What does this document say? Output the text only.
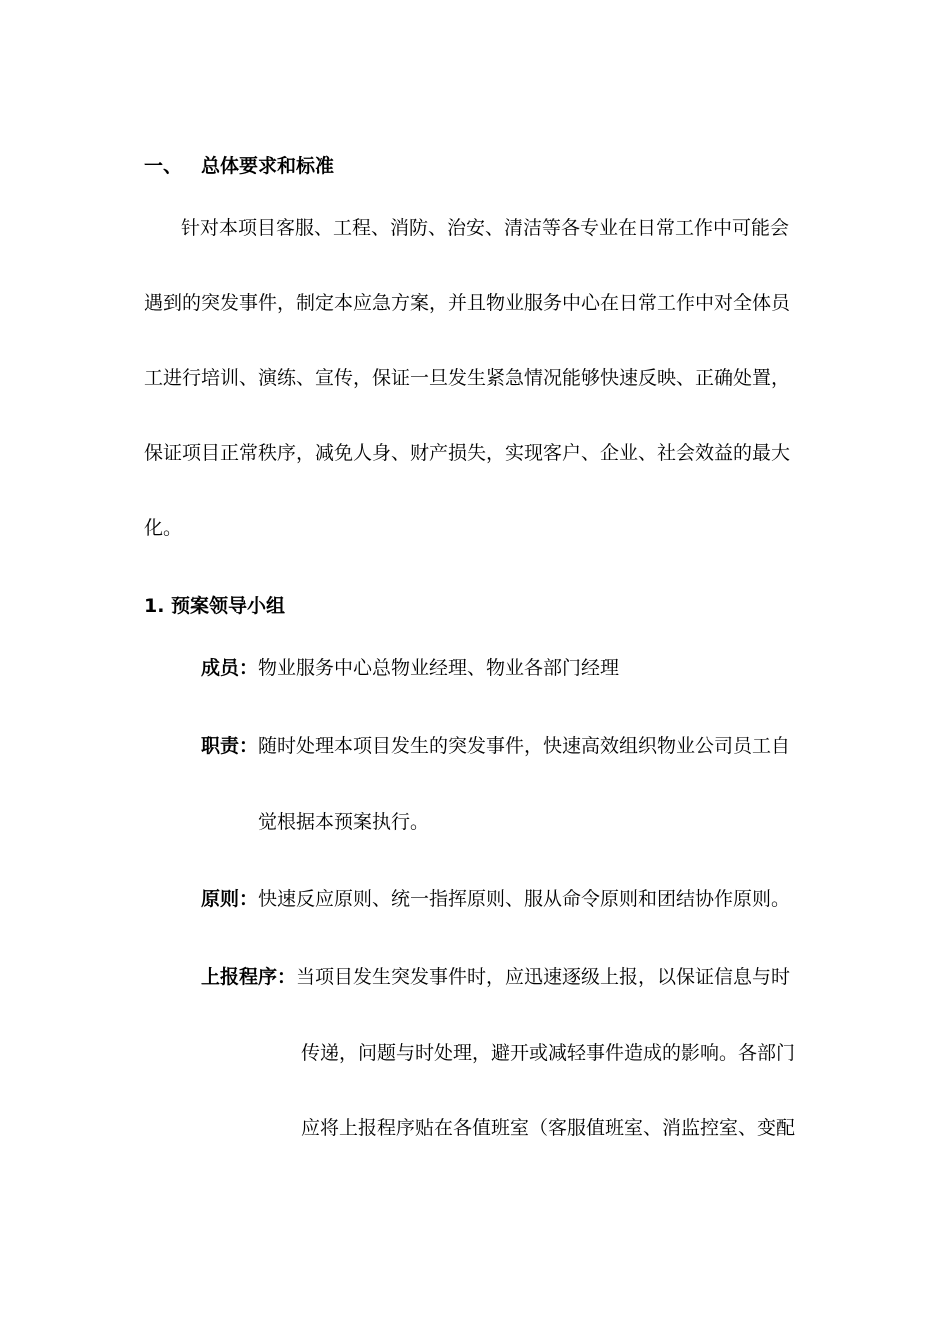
一、 总体要求和标准
针对本项目客服、工程、消防、治安、清洁等各专业在日常工作中可能会
遇到的突发事件，制定本应急方案，并且物业服务中心在日常工作中对全体员
工进行培训、演练、宣传，保证一旦发生紧急情况能够快速反映、正确处置，
保证项目正常秩序，减免人身、财产损失，实现客户、企业、社会效益的最大
化。
1. 预案领导小组
成员：物业服务中心总物业经理、物业各部门经理
职责：随时处理本项目发生的突发事件，快速高效组织物业公司员工自
觉根据本预案执行。
原则：快速反应原则、统一指挥原则、服从命令原则和团结协作原则。
上报程序：当项目发生突发事件时，应迅速逐级上报，以保证信息与时
传递，问题与时处理，避开或减轻事件造成的影响。各部门
应将上报程序贴在各值班室（客服值班室、消监控室、变配
